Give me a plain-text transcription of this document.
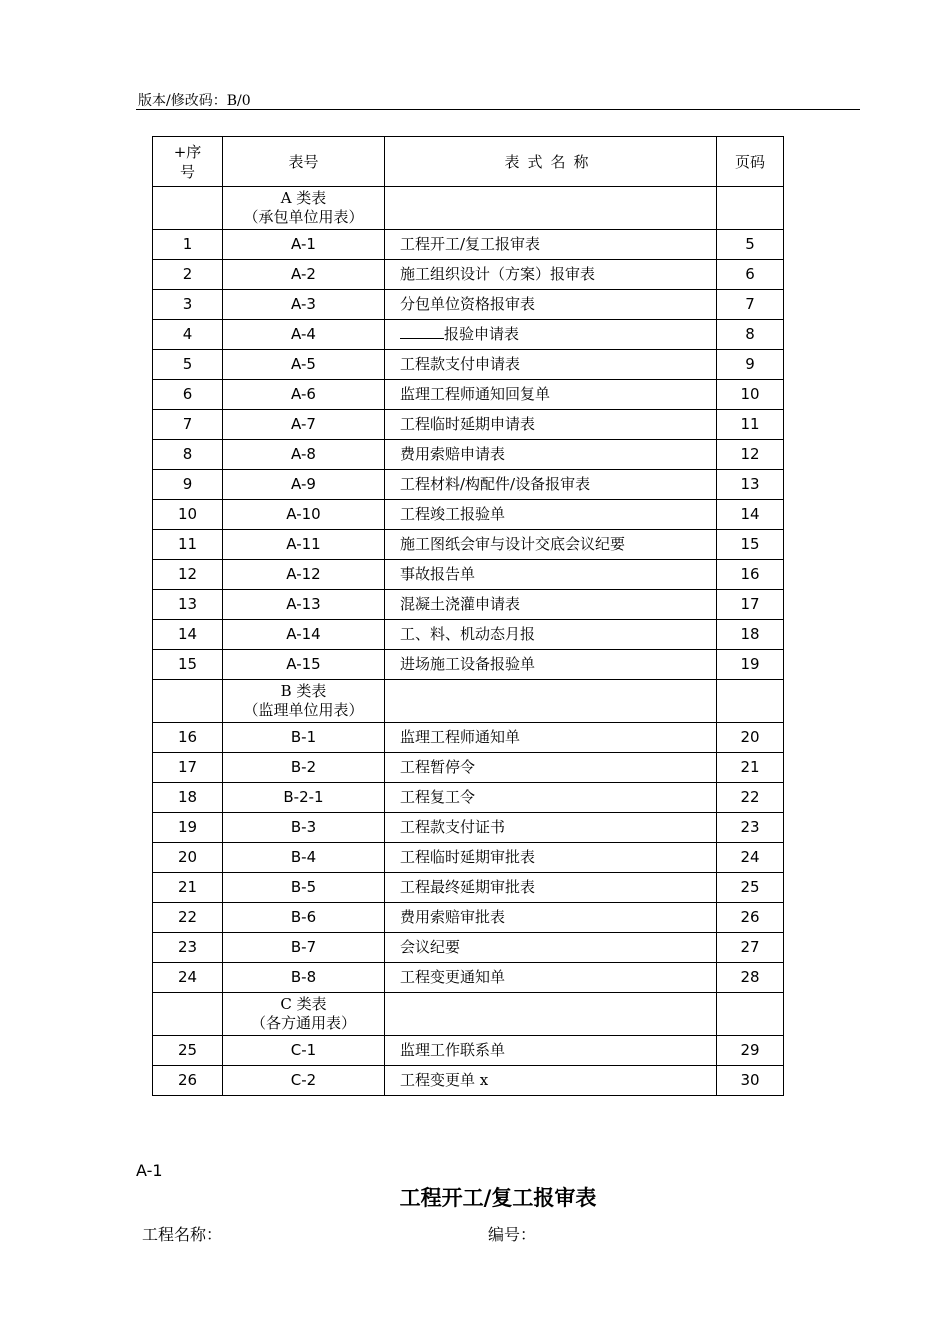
版本/修改码：B/0
+序号	表号	表式名称	页码

	A 类表
（承包单位用表）		

1	A-1	工程开工/复工报审表	5
2	A-2	施工组织设计（方案）报审表	6
3	A-3	分包单位资格报审表	7
4	A-4	报验申请表	8
5	A-5	工程款支付申请表	9
6	A-6	监理工程师通知回复单	10
7	A-7	工程临时延期申请表	11
8	A-8	费用索赔申请表	12
9	A-9	工程材料/构配件/设备报审表	13
10	A-10	工程竣工报验单	14
11	A-11	施工图纸会审与设计交底会议纪要	15
12	A-12	事故报告单	16
13	A-13	混凝土浇灌申请表	17
14	A-14	工、料、机动态月报	18
15	A-15	进场施工设备报验单	19

	B 类表
（监理单位用表）		

16	B-1	监理工程师通知单	20
17	B-2	工程暂停令	21
18	B-2-1	工程复工令	22
19	B-3	工程款支付证书	23
20	B-4	工程临时延期审批表	24
21	B-5	工程最终延期审批表	25
22	B-6	费用索赔审批表	26
23	B-7	会议纪要	27
24	B-8	工程变更通知单	28

	C 类表
（各方通用表）		

25	C-1	监理工作联系单	29
26	C-2	工程变更单 x	30
A-1
工程开工/复工报审表
工程名称：	编号：
